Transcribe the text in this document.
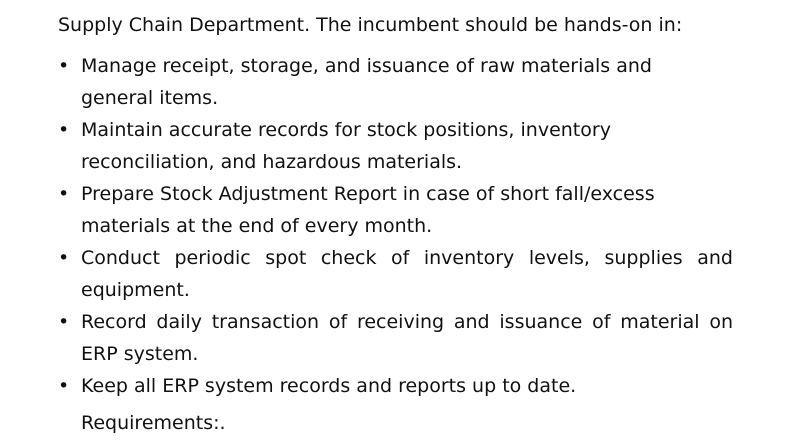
Supply Chain Department. The incumbent should be hands-on in:
• Manage receipt, storage, and issuance of raw materials and
general items.
• Maintain accurate records for stock positions, inventory
reconciliation, and hazardous materials.
• Prepare Stock Adjustment Report in case of short fall/excess
materials at the end of every month.
• Conduct periodic spot check of inventory levels, supplies and equipment.
• Record daily transaction of receiving and issuance of material on ERP system.
• Keep all ERP system records and reports up to date.
Requirements:.
